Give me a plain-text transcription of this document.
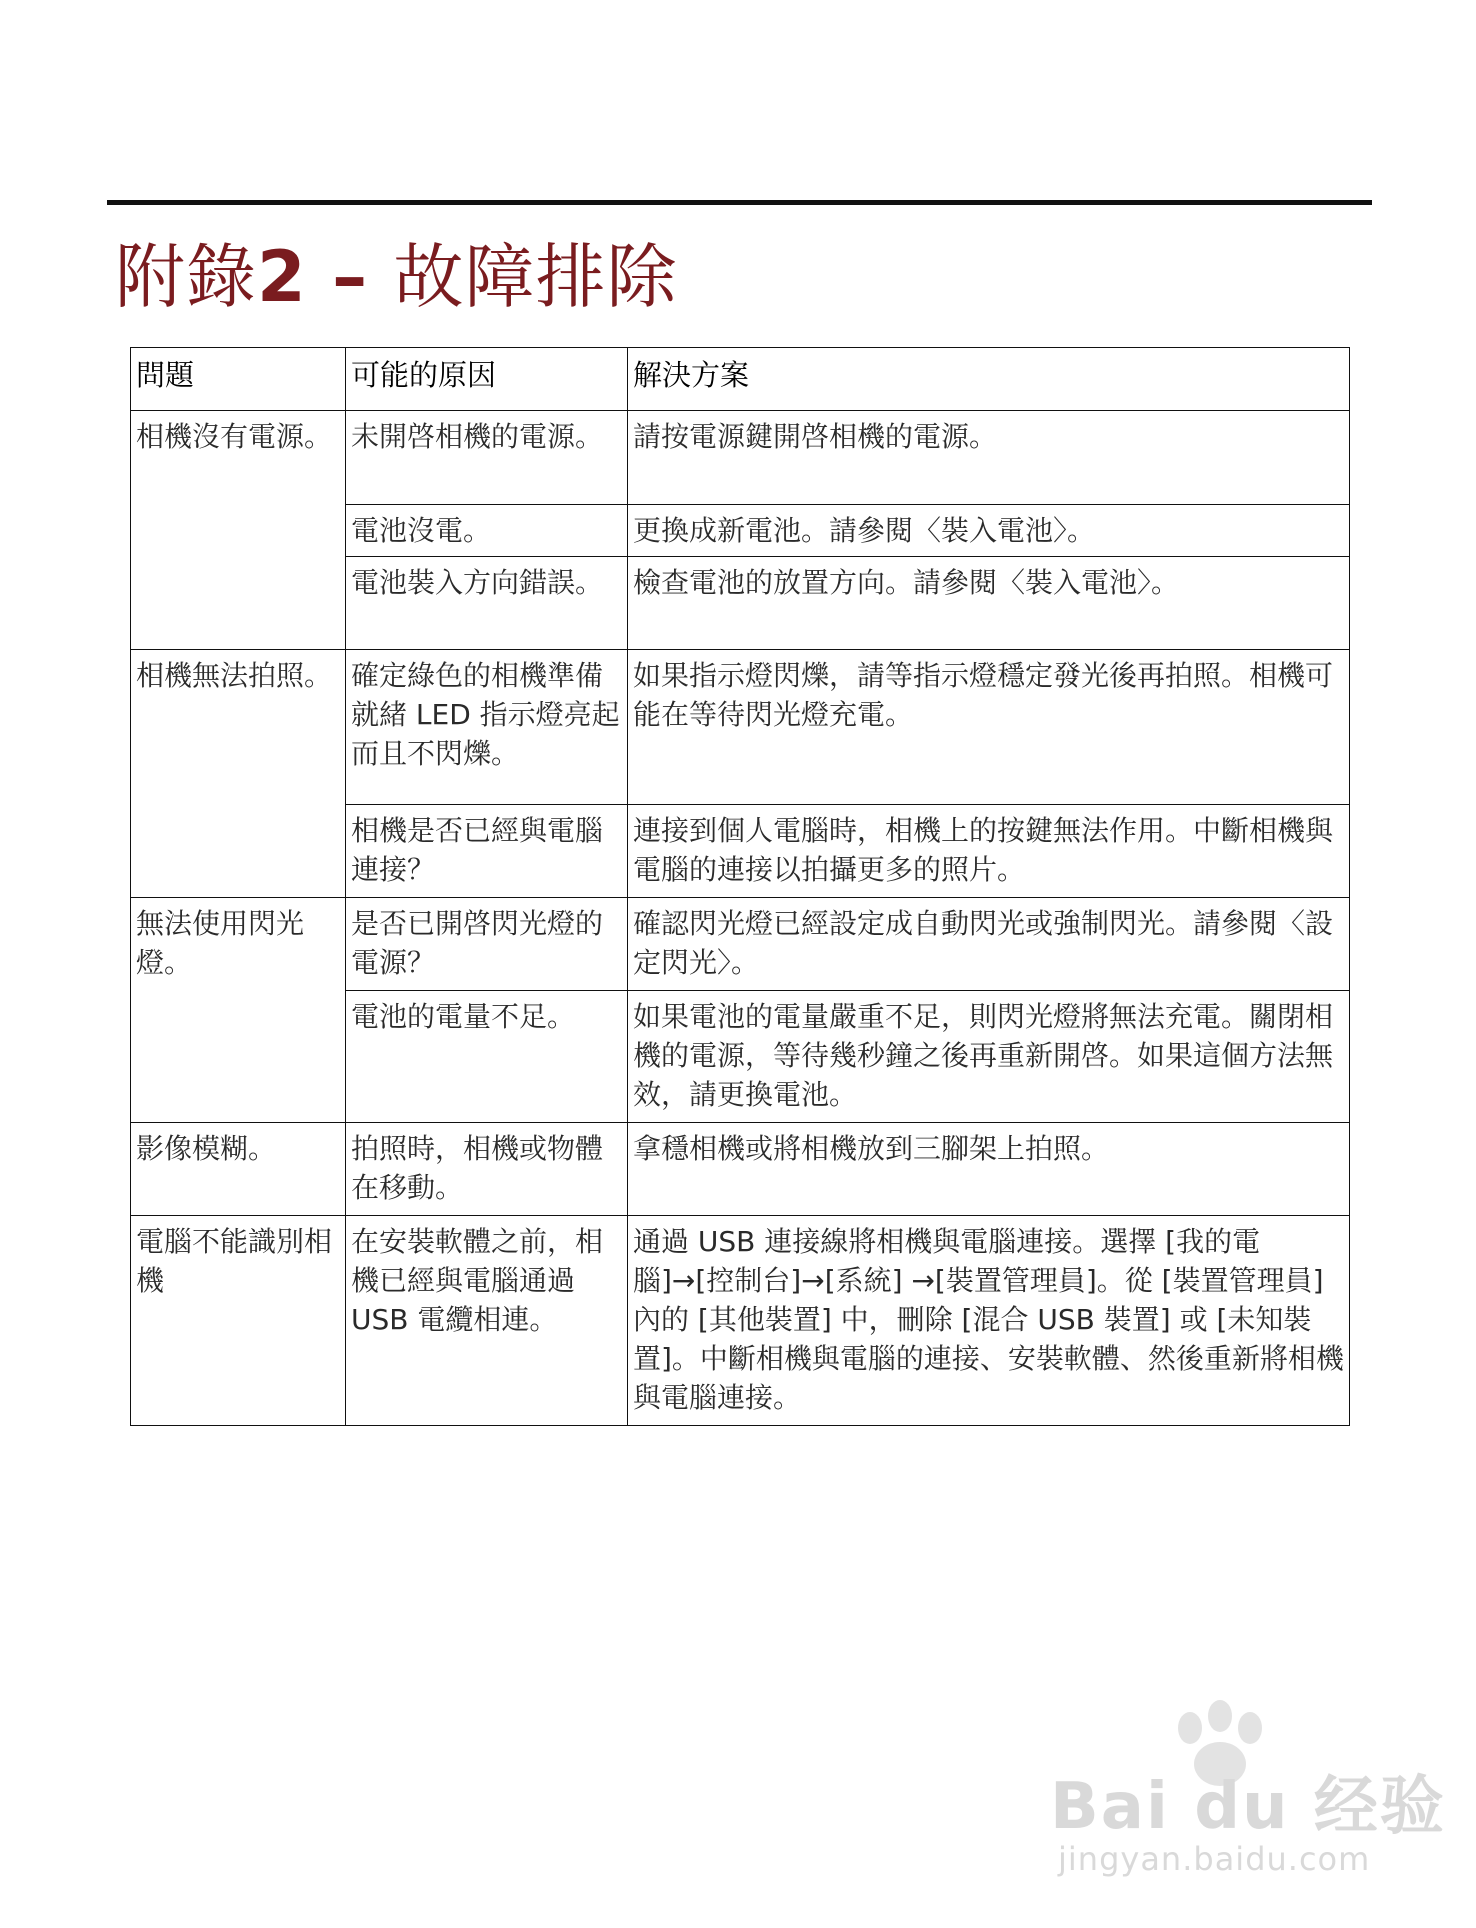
附錄2 – 故障排除
問題	可能的原因	解決方案
相機沒有電源。	未開啓相機的電源。	請按電源鍵開啓相機的電源。
	電池沒電。	更換成新電池。請參閱〈裝入電池〉。
	電池裝入方向錯誤。	檢查電池的放置方向。請參閱〈裝入電池〉。
相機無法拍照。	確定綠色的相機準備就緒 LED 指示燈亮起而且不閃爍。	如果指示燈閃爍，請等指示燈穩定發光後再拍照。相機可能在等待閃光燈充電。
	相機是否已經與電腦連接？	連接到個人電腦時，相機上的按鍵無法作用。中斷相機與電腦的連接以拍攝更多的照片。
無法使用閃光燈。	是否已開啓閃光燈的電源？	確認閃光燈已經設定成自動閃光或強制閃光。請參閱〈設定閃光〉。
	電池的電量不足。	如果電池的電量嚴重不足，則閃光燈將無法充電。關閉相機的電源，等待幾秒鐘之後再重新開啓。如果這個方法無效，請更換電池。
影像模糊。	拍照時，相機或物體在移動。	拿穩相機或將相機放到三腳架上拍照。
電腦不能識別相機	在安裝軟體之前，相機已經與電腦通過 USB 電纜相連。	通過 USB 連接線將相機與電腦連接。選擇 [我的電腦]→[控制台]→[系統] →[裝置管理員]。從 [裝置管理員] 內的 [其他裝置] 中，刪除 [混合 USB 裝置] 或 [未知裝置]。中斷相機與電腦的連接、安裝軟體、然後重新將相機與電腦連接。
Bai du 经验
jingyan.baidu.com
